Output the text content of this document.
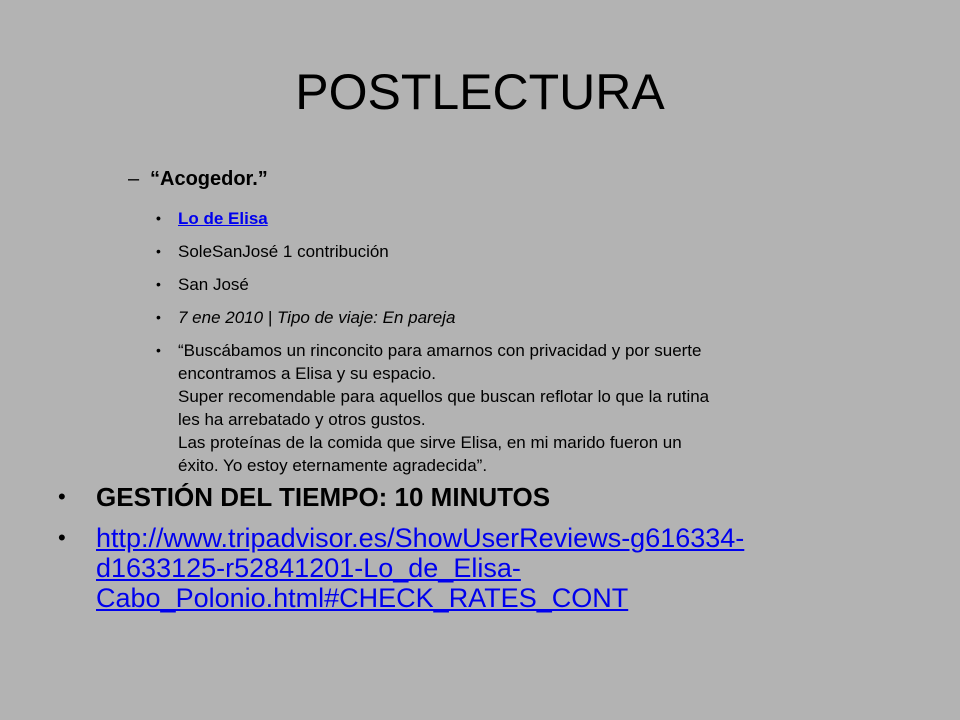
POSTLECTURA
– “Acogedor.”
• Lo de Elisa
• SoleSanJosé 1 contribución
• San José
• 7 ene 2010 | Tipo de viaje: En pareja
• “Buscábamos un rinconcito para amarnos con privacidad y por suerte
encontramos a Elisa y su espacio.
Super recomendable para aquellos que buscan reflotar lo que la rutina
les ha arrebatado y otros gustos.
Las proteínas de la comida que sirve Elisa, en mi marido fueron un
éxito. Yo estoy eternamente agradecida”.
• GESTIÓN DEL TIEMPO: 10 MINUTOS
• http://www.tripadvisor.es/ShowUserReviews-g616334-
d1633125-r52841201-Lo_de_Elisa-
Cabo_Polonio.html#CHECK_RATES_CONT
